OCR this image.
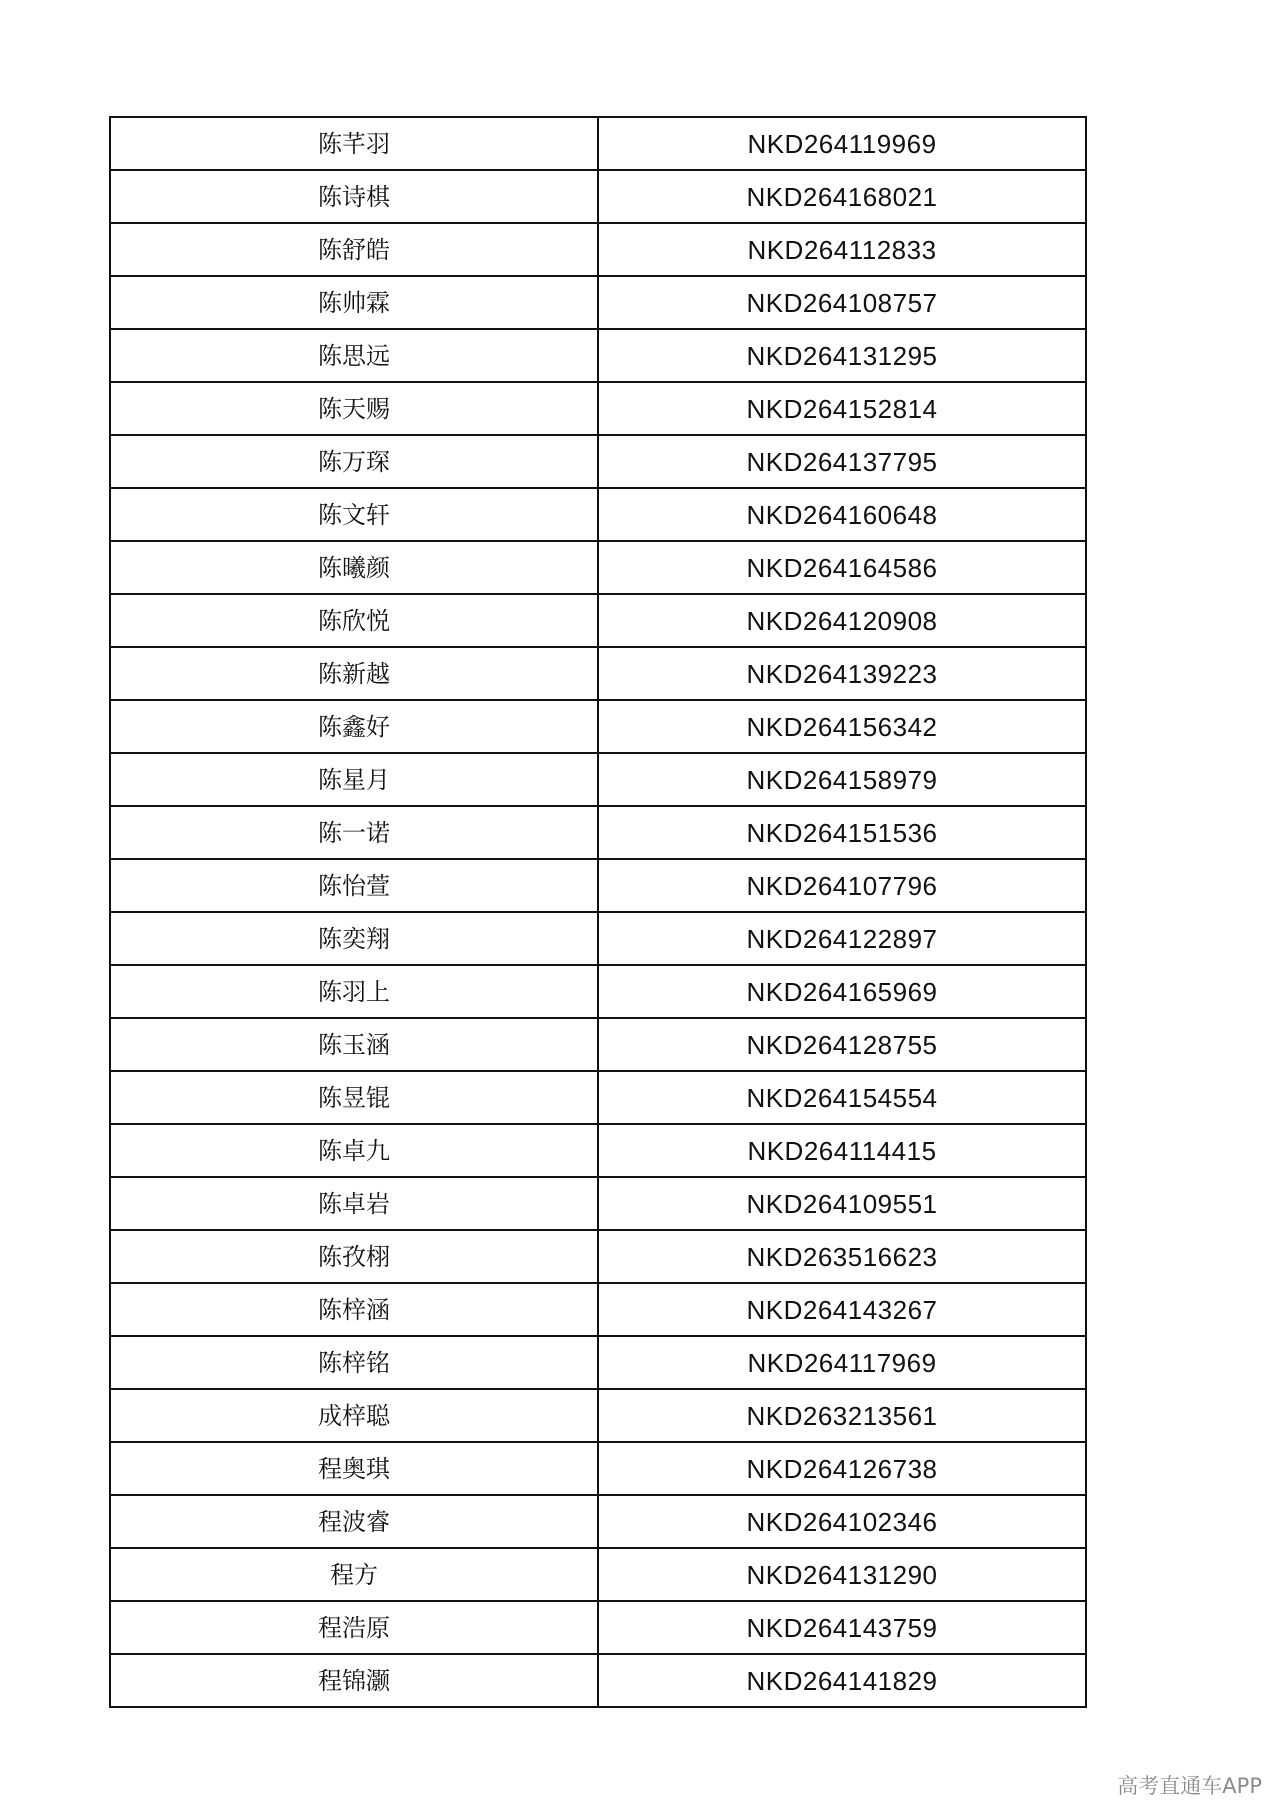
陈芊羽	NKD264119969
陈诗棋	NKD264168021
陈舒皓	NKD264112833
陈帅霖	NKD264108757
陈思远	NKD264131295
陈天赐	NKD264152814
陈万琛	NKD264137795
陈文轩	NKD264160648
陈曦颜	NKD264164586
陈欣悦	NKD264120908
陈新越	NKD264139223
陈鑫好	NKD264156342
陈星月	NKD264158979
陈一诺	NKD264151536
陈怡萱	NKD264107796
陈奕翔	NKD264122897
陈羽上	NKD264165969
陈玉涵	NKD264128755
陈昱锟	NKD264154554
陈卓九	NKD264114415
陈卓岩	NKD264109551
陈孜栩	NKD263516623
陈梓涵	NKD264143267
陈梓铭	NKD264117969
成梓聪	NKD263213561
程奥琪	NKD264126738
程波睿	NKD264102346
程方	NKD264131290
程浩原	NKD264143759
程锦灏	NKD264141829
高考直通车APP
